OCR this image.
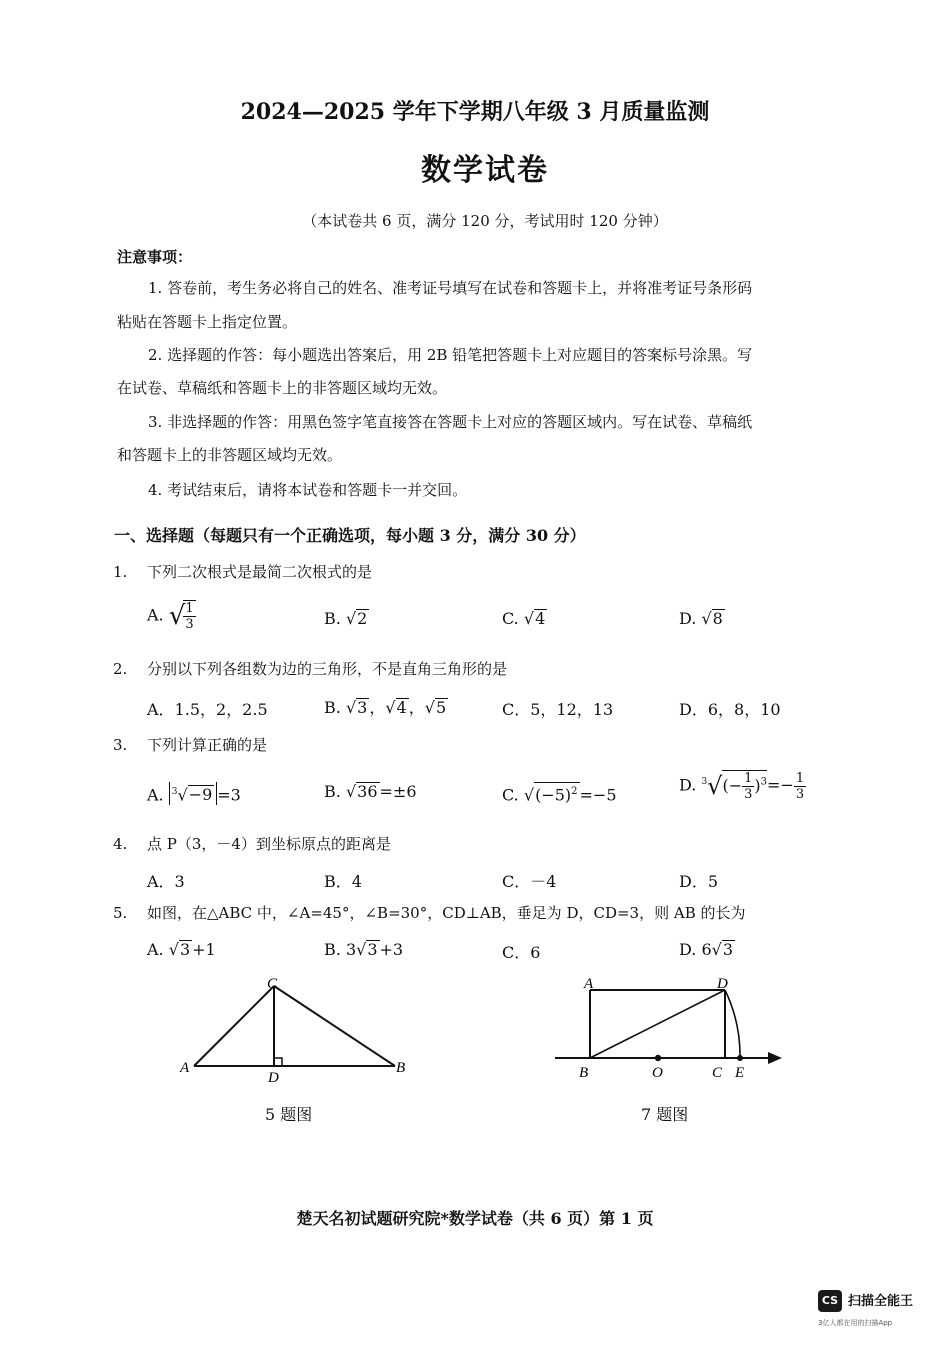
2024—2025 学年下学期八年级 3 月质量监测
数学试卷
（本试卷共 6 页，满分 120 分，考试用时 120 分钟）
注意事项：
1. 答卷前，考生务必将自己的姓名、准考证号填写在试卷和答题卡上，并将准考证号条形码
粘贴在答题卡上指定位置。
2. 选择题的作答：每小题选出答案后，用 2B 铅笔把答题卡上对应题目的答案标号涂黑。写
在试卷、草稿纸和答题卡上的非答题区域均无效。
3. 非选择题的作答：用黑色签字笔直接答在答题卡上对应的答题区域内。写在试卷、草稿纸
和答题卡上的非答题区域均无效。
4. 考试结束后，请将本试卷和答题卡一并交回。
一、选择题（每题只有一个正确选项，每小题 3 分，满分 30 分）
1. 下列二次根式是最简二次根式的是
A. √
$\frac{1}{3}$	B. √2	C. √4	D. √8
2. 分别以下列各组数为边的三角形，不是直角三角形的是
A．1.5，2，2.5	B. √3 ，√4 ，√5	C．5，12，13	D．6，8，10
3. 下列计算正确的是
A. $^3$√−9 =3	B. √36 =±6	C. $√(-5)^2 =-5$
D. $^3√(- \frac{1}{3} )^3=- \frac{1}{3}$
4. 点 P（3，－4）到坐标原点的距离是
A．3	B．4	C．－4	D．5
5. 如图，在△ABC 中，∠A=45°，∠B=30°，CD⊥AB，垂足为 D，CD=3，则 AB 的长为
A. √3 +1	B. 3√3 +3	C．6	D. 6√3
C
A	B
D
5 题图
A	D
B	O	C E
7 题图
楚天名初试题研究院*数学试卷（共 6 页）第 1 页
CS 扫描全能王
3亿人都在用的扫描App
